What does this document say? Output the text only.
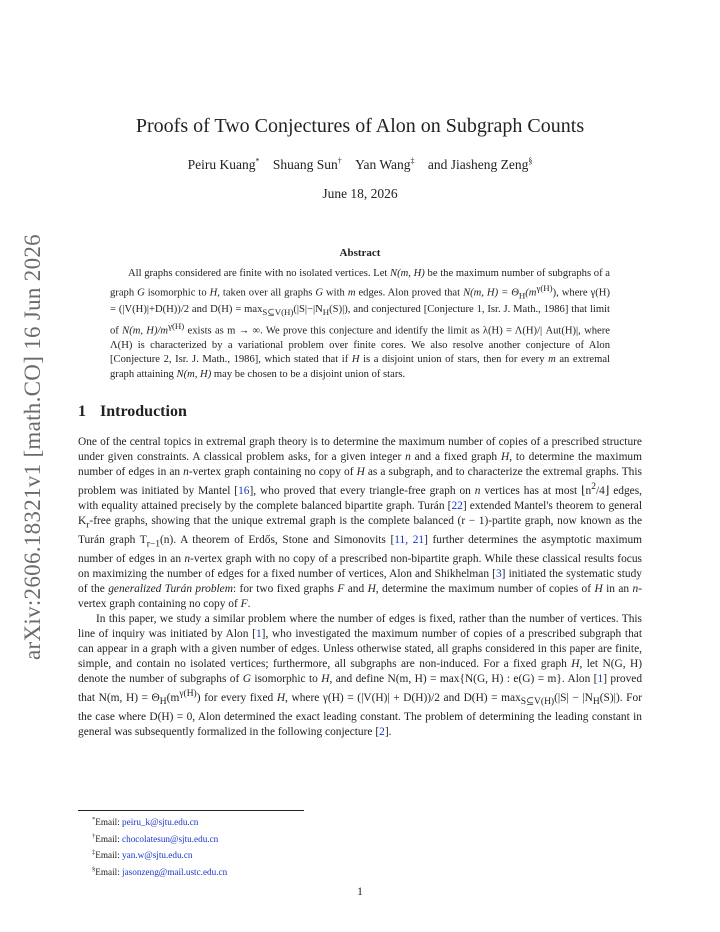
arXiv:2606.18321v1 [math.CO] 16 Jun 2026
Proofs of Two Conjectures of Alon on Subgraph Counts
Peiru Kuang* Shuang Sun† Yan Wang‡ and Jiasheng Zeng§
June 18, 2026
Abstract

All graphs considered are finite with no isolated vertices. Let N(m, H) be the maximum number of subgraphs of a graph G isomorphic to H, taken over all graphs G with m edges. Alon proved that N(m, $H) = \Theta_H(m^{\gamma(H)})$, where γ(H) = (|V(H)|+D(H))/2 and $D(H) = \max_{S⊆V(H)}(|S|-|N_H(S)|)$, and conjectured [Conjecture 1, Isr. J. Math., 1986] that limit of N(m, $H)/m^{\gamma(H)}$ exists as m → ∞. We prove this conjecture and identify the limit as λ(H) = Λ(H)/| Aut(H)|, where Λ(H) is characterized by a variational problem over finite cores. We also resolve another conjecture of Alon [Conjecture 2, Isr. J. Math., 1986], which stated that if H is a disjoint union of stars, then for every m an extremal graph attaining N(m, H) may be chosen to be a disjoint union of stars.

1 Introduction

One of the central topics in extremal graph theory is to determine the maximum number of copies of a prescribed structure under given constraints. A classical problem asks, for a given integer n and a fixed graph H, to determine the maximum number of edges in an n-vertex graph containing no copy of H as a subgraph, and to characterize the extremal graphs. This problem was initiated by Mantel [16], who proved that every triangle-free graph on n vertices has at most $⌊n^2/4⌋$ edges, with equality attained precisely by the complete balanced bipartite graph. Turán [22] extended Mantel's theorem to general $K_r$-free graphs, showing that the unique extremal graph is the complete balanced (r − 1)-partite graph, now known as the Turán graph $T_{r-1}(n)$. A theorem of Erdős, Stone and Simonovits [11, 21] further determines the asymptotic maximum number of edges in an n-vertex graph with no copy of a prescribed non-bipartite graph. While these classical results focus on maximizing the number of edges for a fixed number of vertices, Alon and Shikhelman [3] initiated the systematic study of the generalized Turán problem: for two fixed graphs F and H, determine the maximum number of copies of H in an n-vertex graph containing no copy of F.

In this paper, we study a similar problem where the number of edges is fixed, rather than the number of vertices. This line of inquiry was initiated by Alon [1], who investigated the maximum number of copies of a prescribed subgraph that can appear in a graph with a given number of edges. Unless otherwise stated, all graphs considered in this paper are finite, simple, and contain no isolated vertices; furthermore, all subgraphs are non-induced. For a fixed graph H, let N(G, H) denote the number of subgraphs of G isomorphic to H, and define N(m, H) = max{N(G, H) : e(G) = m}. Alon [1] proved that N(m, $H) = \Theta_H(m^{\gamma(H)})$ for every fixed H, where γ(H) = (|V(H)| + D(H))/2 and $D(H) = \max_{S⊆V(H)}(|S| - |N_H(S)|)$. For the case where D(H) = 0, Alon determined the exact leading constant. The problem of determining the leading constant in general was subsequently formalized in the following conjecture [2].

*Email: peiru_k@sjtu.edu.cn
†Email: chocolatesun@sjtu.edu.cn
‡Email: yan.w@sjtu.edu.cn
§Email: jasonzeng@mail.ustc.edu.cn
1
